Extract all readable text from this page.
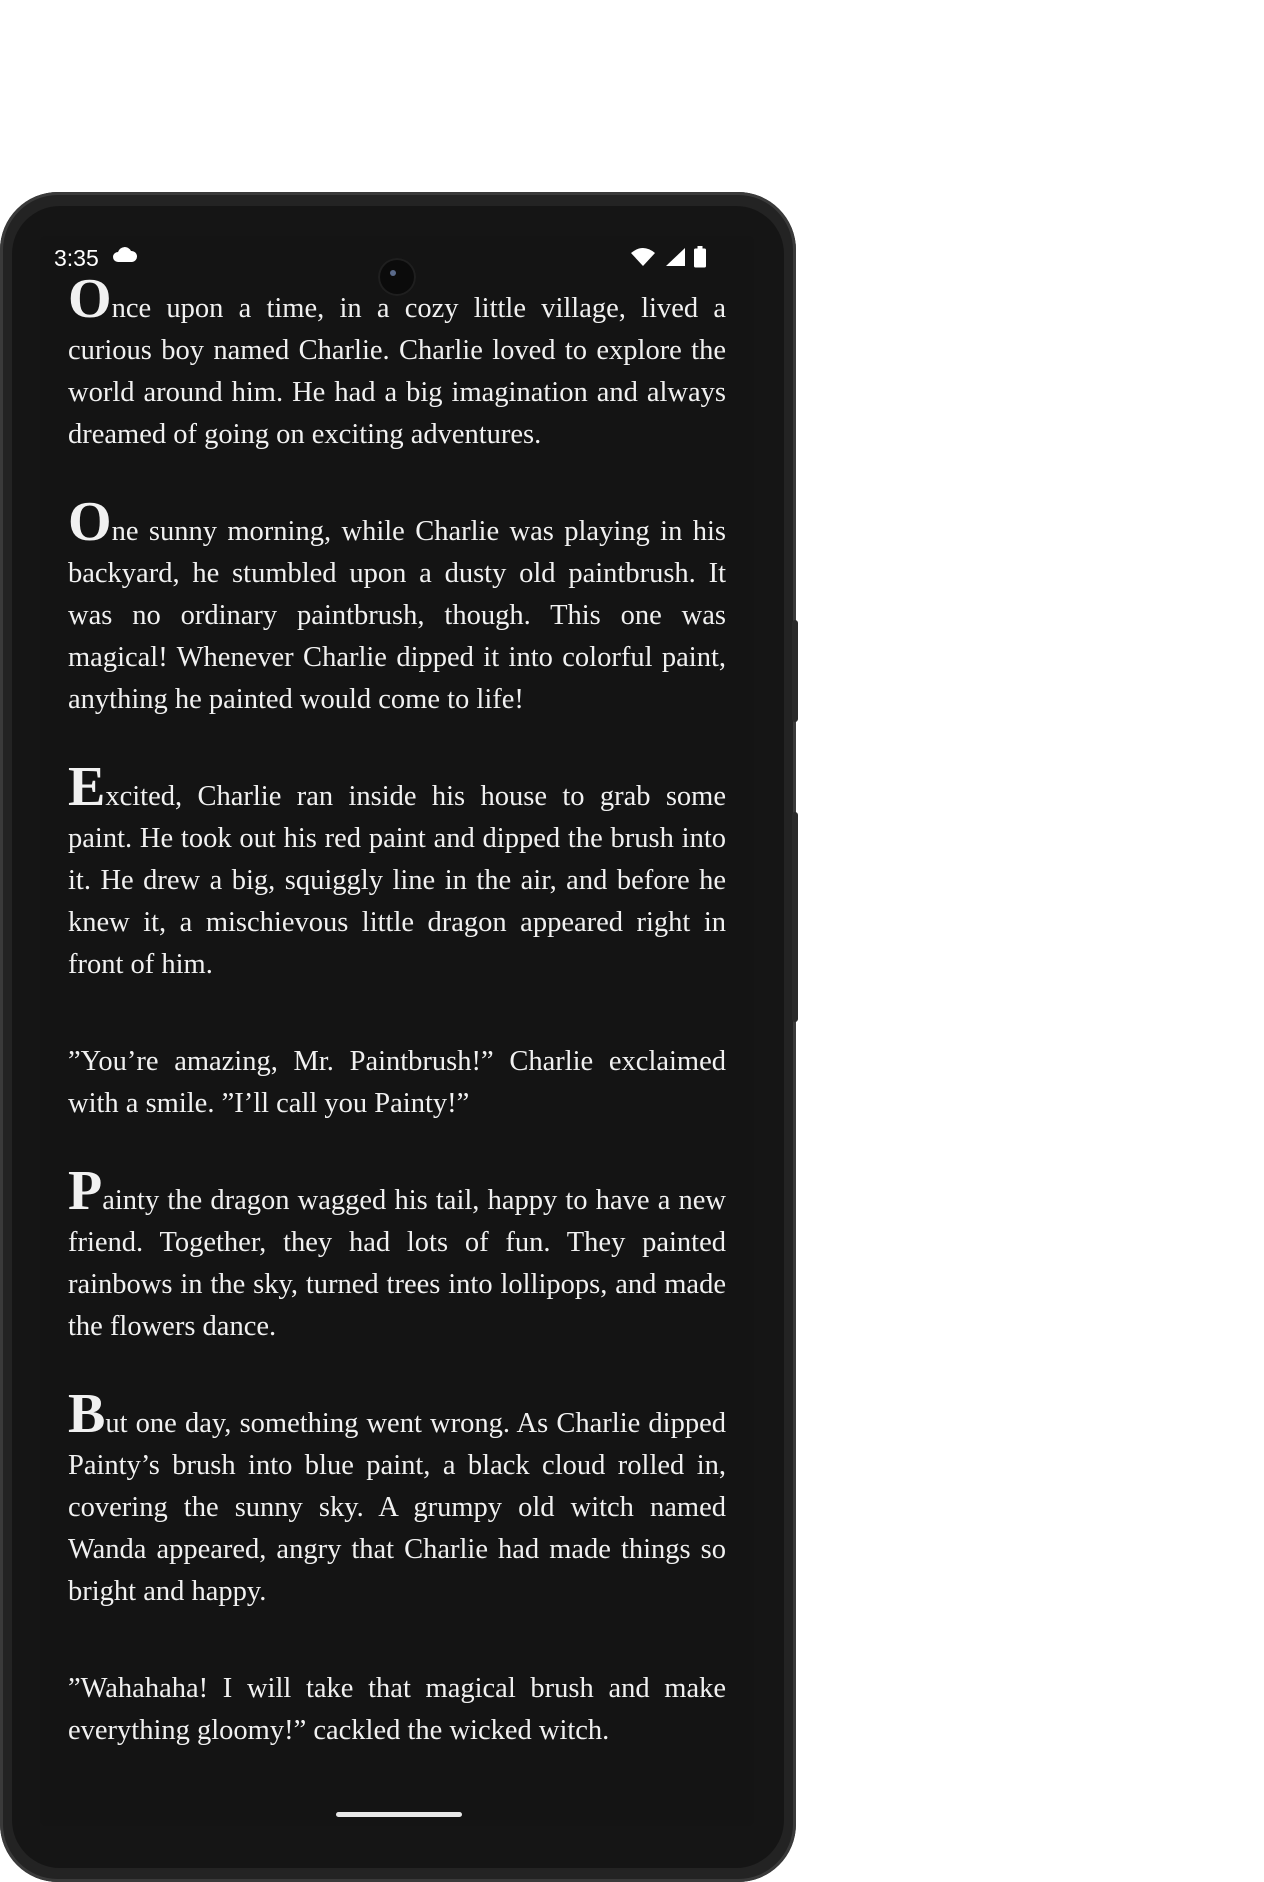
3:35

Once upon a time, in a cozy little village, lived a curious boy named Charlie. Charlie loved to explore the world around him. He had a big imagination and always dreamed of going on exciting adventures.

One sunny morning, while Charlie was playing in his backyard, he stumbled upon a dusty old paintbrush. It was no ordinary paintbrush, though. This one was magical! Whenever Charlie dipped it into colorful paint, anything he painted would come to life!

Excited, Charlie ran inside his house to grab some paint. He took out his red paint and dipped the brush into it. He drew a big, squiggly line in the air, and before he knew it, a mischievous little dragon appeared right in front of him.

”You’re amazing, Mr. Paintbrush!” Charlie exclaimed with a smile. ”I’ll call you Painty!”

Painty the dragon wagged his tail, happy to have a new friend. Together, they had lots of fun. They painted rainbows in the sky, turned trees into lollipops, and made the flowers dance.

But one day, something went wrong. As Charlie dipped Painty’s brush into blue paint, a black cloud rolled in, covering the sunny sky. A grumpy old witch named Wanda appeared, angry that Charlie had made things so bright and happy.

”Wahahaha! I will take that magical brush and make everything gloomy!” cackled the wicked witch.
